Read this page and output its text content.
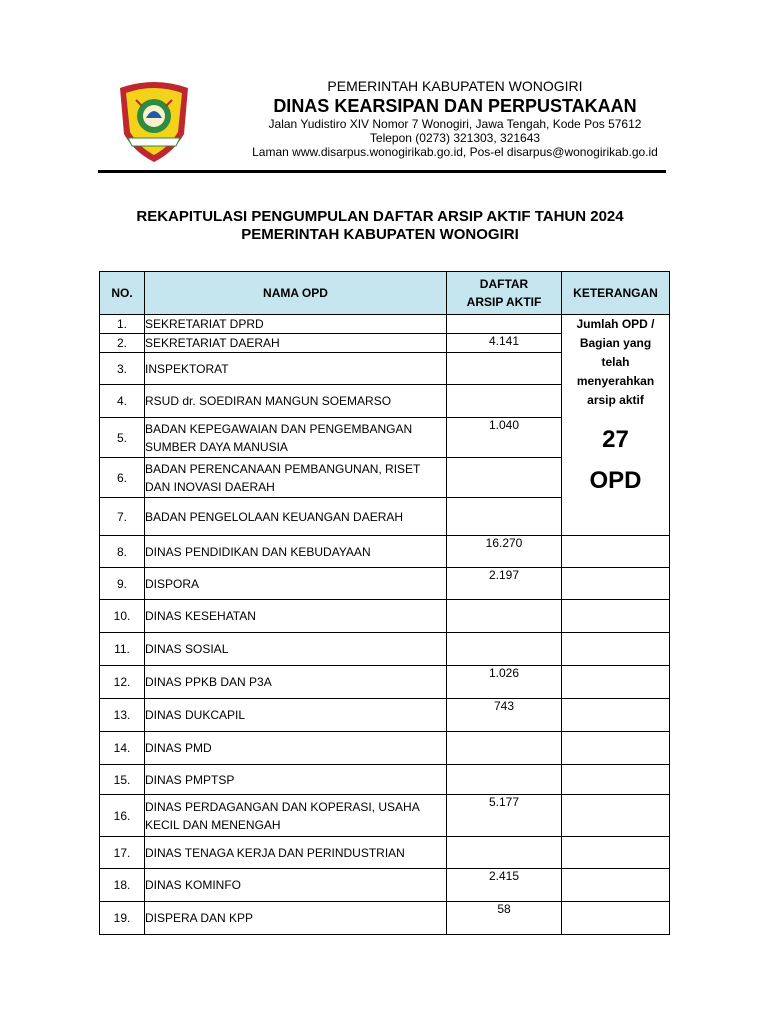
PEMERINTAH KABUPATEN WONOGIRI
DINAS KEARSIPAN DAN PERPUSTAKAAN
Jalan Yudistiro XIV Nomor 7 Wonogiri, Jawa Tengah, Kode Pos 57612
Telepon (0273) 321303, 321643
Laman www.disarpus.wonogirikab.go.id, Pos-el disarpus@wonogirikab.go.id
REKAPITULASI PENGUMPULAN DAFTAR ARSIP AKTIF TAHUN 2024
PEMERINTAH KABUPATEN WONOGIRI
NO.	NAMA OPD	DAFTAR ARSIP AKTIF	KETERANGAN
1.	SEKRETARIAT DPRD		Jumlah OPD / Bagian yang telah menyerahkan arsip aktif
27
OPD

2.	SEKRETARIAT DAERAH	4.141	
3.	INSPEKTORAT		
4.	RSUD dr. SOEDIRAN MANGUN SOEMARSO		
5.	BADAN KEPEGAWAIAN DAN PENGEMBANGAN SUMBER DAYA MANUSIA	1.040	
6.	BADAN PERENCANAAN PEMBANGUNAN, RISET DAN INOVASI DAERAH		
7.	BADAN PENGELOLAAN KEUANGAN DAERAH		
8.	DINAS PENDIDIKAN DAN KEBUDAYAAN	16.270	
9.	DISPORA	2.197	
10.	DINAS KESEHATAN		
11.	DINAS SOSIAL		
12.	DINAS PPKB DAN P3A	1.026	
13.	DINAS DUKCAPIL	743	
14.	DINAS PMD		
15.	DINAS PMPTSP		
16.	DINAS PERDAGANGAN DAN KOPERASI, USAHA KECIL DAN MENENGAH	5.177	
17.	DINAS TENAGA KERJA DAN PERINDUSTRIAN		
18.	DINAS KOMINFO	2.415	
19.	DISPERA DAN KPP	58	
